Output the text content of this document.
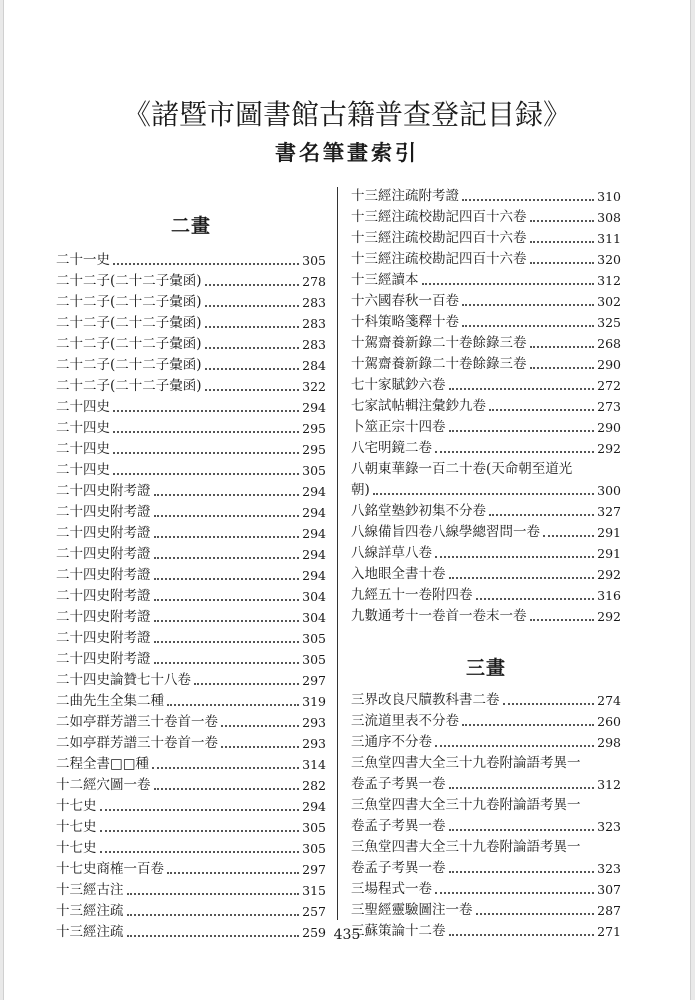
《諸暨市圖書館古籍普查登記目録》
書名筆畫索引
二畫
二十一史	305
二十二子(二十二子彙函)	278
二十二子(二十二子彙函)	283
二十二子(二十二子彙函)	283
二十二子(二十二子彙函)	283
二十二子(二十二子彙函)	284
二十二子(二十二子彙函)	322
二十四史	294
二十四史	295
二十四史	295
二十四史	305
二十四史附考證	294
二十四史附考證	294
二十四史附考證	294
二十四史附考證	294
二十四史附考證	294
二十四史附考證	304
二十四史附考證	304
二十四史附考證	305
二十四史附考證	305
二十四史論贊七十八卷	297
二曲先生全集二種	319
二如亭群芳譜三十卷首一卷	293
二如亭群芳譜三十卷首一卷	293
二程全書□□種	314
十二經穴圖一卷	282
十七史	294
十七史	305
十七史	305
十七史商榷一百卷	297
十三經古注	315
十三經注疏	257
十三經注疏	259
十三經注疏附考證	310
十三經注疏校勘記四百十六卷	308
十三經注疏校勘記四百十六卷	311
十三經注疏校勘記四百十六卷	320
十三經讀本	312
十六國春秋一百卷	302
十科策略箋釋十卷	325
十駕齋養新錄二十卷餘錄三卷	268
十駕齋養新錄二十卷餘錄三卷	290
七十家賦鈔六卷	272
七家試帖輯注彙鈔九卷	273
卜筮正宗十四卷	290
八宅明鏡二卷	292
八朝東華錄一百二十卷(天命朝至道光
朝)	300
八銘堂塾鈔初集不分卷	327
八線備旨四卷八線學總習問一卷	291
八線詳草八卷	291
入地眼全書十卷	292
九經五十一卷附四卷	316
九數通考十一卷首一卷末一卷	292
三畫
三界改良尺牘教科書二卷	274
三流道里表不分卷	260
三通序不分卷	298
三魚堂四書大全三十九卷附論語考異一
卷孟子考異一卷	312
三魚堂四書大全三十九卷附論語考異一
卷孟子考異一卷	323
三魚堂四書大全三十九卷附論語考異一
卷孟子考異一卷	323
三場程式一卷	307
三聖經靈驗圖注一卷	287
三蘇策論十二卷	271
435
